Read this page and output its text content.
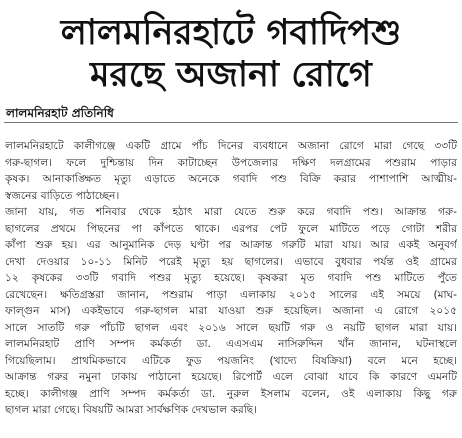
লালমনিরহাটে গবাদিপশু
মরছে অজানা রোগে
লালমনিরহাট প্রতিনিধি
লালমনিরহাটে কালীগঞ্জে একটি গ্রামে পাঁচ দিনের ব্যবধানে অজানা রোগে মারা গেছে ৩৩টি
গরু-ছাগল। ফলে দুশ্চিন্তায় দিন কাটাচ্ছেন উপজেলার দক্ষিণ দলগ্রামের পশুরাম পাড়ার
কৃষক। আনাকাঙ্ক্ষিত মৃত্যু এড়াতে অনেকে গবাদি পশু বিক্রি করার পাশাপাশি আত্মীয়-
স্বজনের বাড়িতে পাঠাচ্ছেন।
জানা যায়, গত শনিবার থেকে হঠাৎ মারা যেতে শুরু করে গবাদি পশু। আক্রান্ত গরু-
ছাগলের প্রথমে পিছনের পা কাঁপতে থাকে। এরপর পেট ফুলে মাটিতে পড়ে গোটা শরীর
কাঁপা শুরু হয়। এর আনুমানিক দেড় ঘণ্টা পর আক্রান্ত গরুটি মারা যায়। আর একই অনুবর্গ
দেখা দেওয়ার ১০-১১ মিনিট পরেই মৃত্যু হয় ছাগলের। এভাবে বুধবার পর্যন্ত ওই গ্রামের
১২ কৃষকের ৩৩টি গবাদি পশুর মৃত্যু হয়েছে। কৃষকরা মৃত গবাদি পশু মাটিতে পুঁতে
রেখেছেন। ক্ষতিগ্রস্তরা জানান, পশুরাম পাড়া এলাকায় ২০১৫ সালের এই সময়ে (মাঘ-
ফাল্গুন মাস) একইভাবে গরু-ছাগল মারা যাওয়া শুরু হয়েছিল। অজানা এ রোগে ২০১৫
সালে সাতটি গরু পাঁচটি ছাগল এবং ২০১৬ সালে ছয়টি গরু ও নয়টি ছাগল মারা যায়।
লালমনিরহাট প্রাণি সম্পদ কর্মকর্তা ডা. এএসএম নাসিরুদ্দিন খাঁন জানান, ঘটনাস্থলে
গিয়েছিলাম। প্রাথমিকভাবে এটিকে ফুড পয়জনিং (খাদ্যে বিষক্রিয়া) বলে মনে হচ্ছে।
আক্রান্ত গরুর নমুনা ঢাকায় পাঠানো হয়েছে। রিপোর্ট এলে বোঝা যাবে কি কারণে এমনটি
হচ্ছে। কালীগঞ্জ প্রাণি সম্পদ কর্মকর্তা ডা. নুরুল ইসলাম বলেন, ওই এলাকায় কিছু গরু
ছাগল মারা গেছে। বিষয়টি আমরা সার্বক্ষণিক দেখভাল করছি।
